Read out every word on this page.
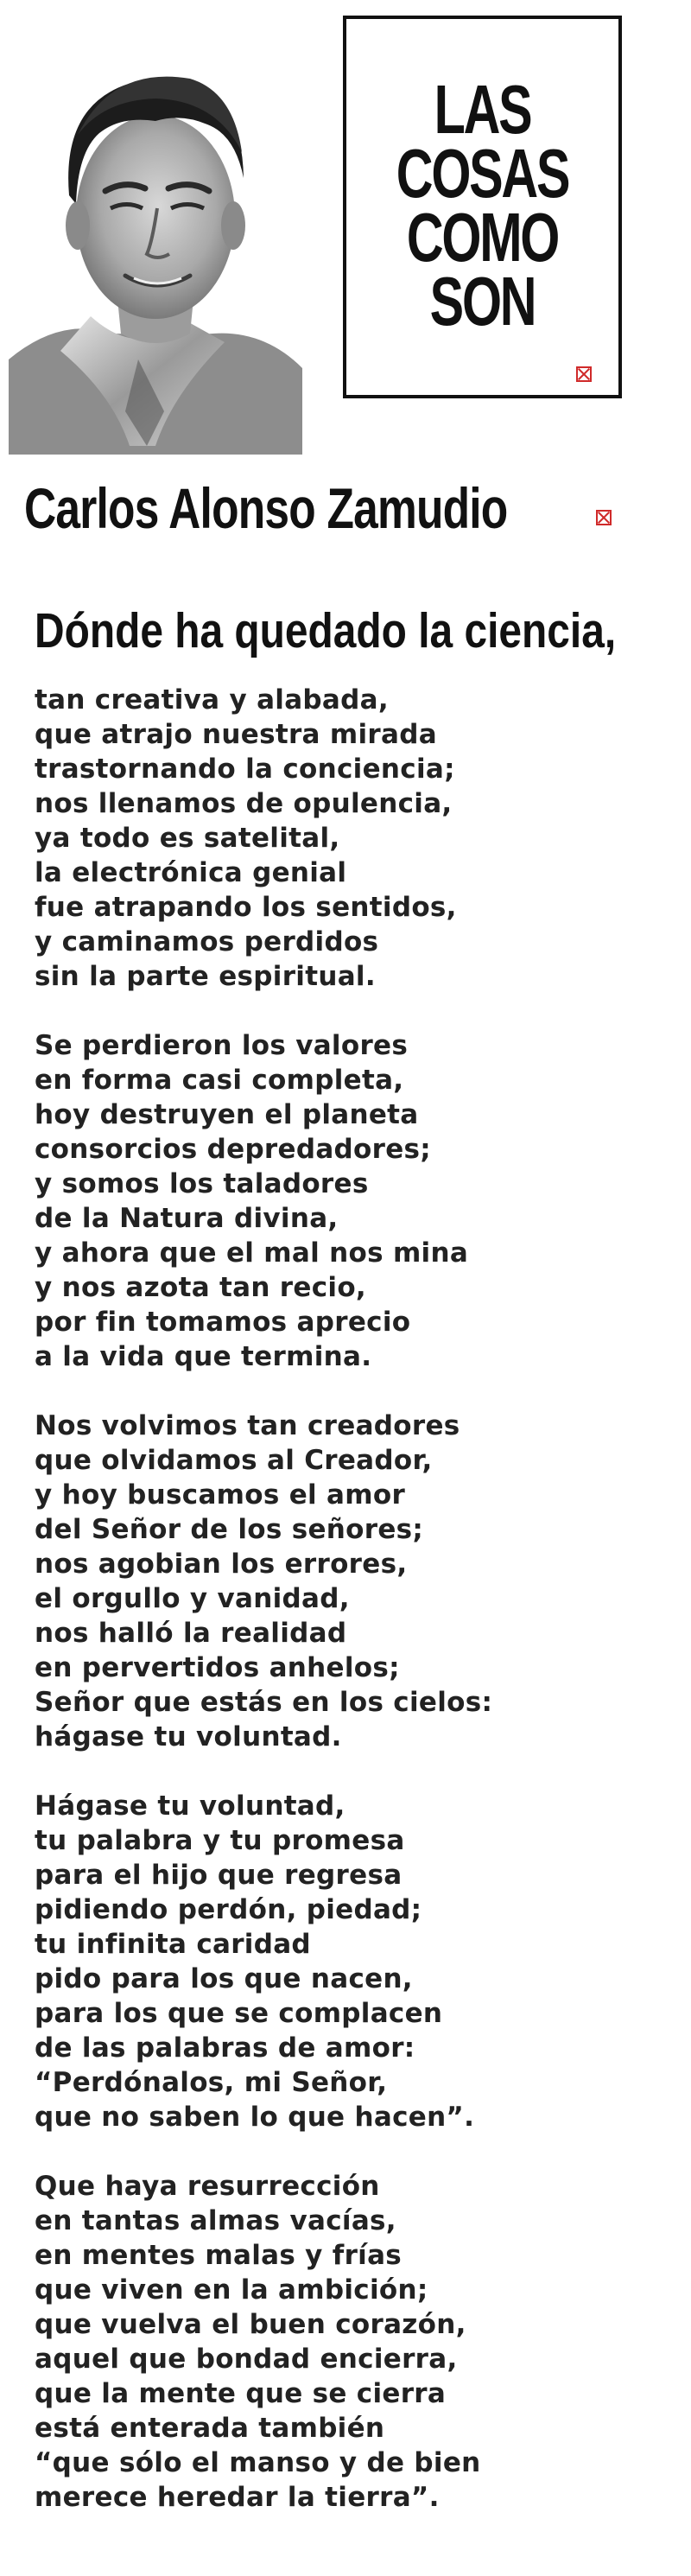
LAS
COSAS
COMO
SON
Carlos Alonso Zamudio
Dónde ha quedado la ciencia,
tan creativa y alabada,
que atrajo nuestra mirada
trastornando la conciencia;
nos llenamos de opulencia,
ya todo es satelital,
la electrónica genial
fue atrapando los sentidos,
y caminamos perdidos
sin la parte espiritual.
Se perdieron los valores
en forma casi completa,
hoy destruyen el planeta
consorcios depredadores;
y somos los taladores
de la Natura divina,
y ahora que el mal nos mina
y nos azota tan recio,
por fin tomamos aprecio
a la vida que termina.
Nos volvimos tan creadores
que olvidamos al Creador,
y hoy buscamos el amor
del Señor de los señores;
nos agobian los errores,
el orgullo y vanidad,
nos halló la realidad
en pervertidos anhelos;
Señor que estás en los cielos:
hágase tu voluntad.
Hágase tu voluntad,
tu palabra y tu promesa
para el hijo que regresa
pidiendo perdón, piedad;
tu infinita caridad
pido para los que nacen,
para los que se complacen
de las palabras de amor:
“Perdónalos, mi Señor,
que no saben lo que hacen”.
Que haya resurrección
en tantas almas vacías,
en mentes malas y frías
que viven en la ambición;
que vuelva el buen corazón,
aquel que bondad encierra,
que la mente que se cierra
está enterada también
“que sólo el manso y de bien
merece heredar la tierra”.
